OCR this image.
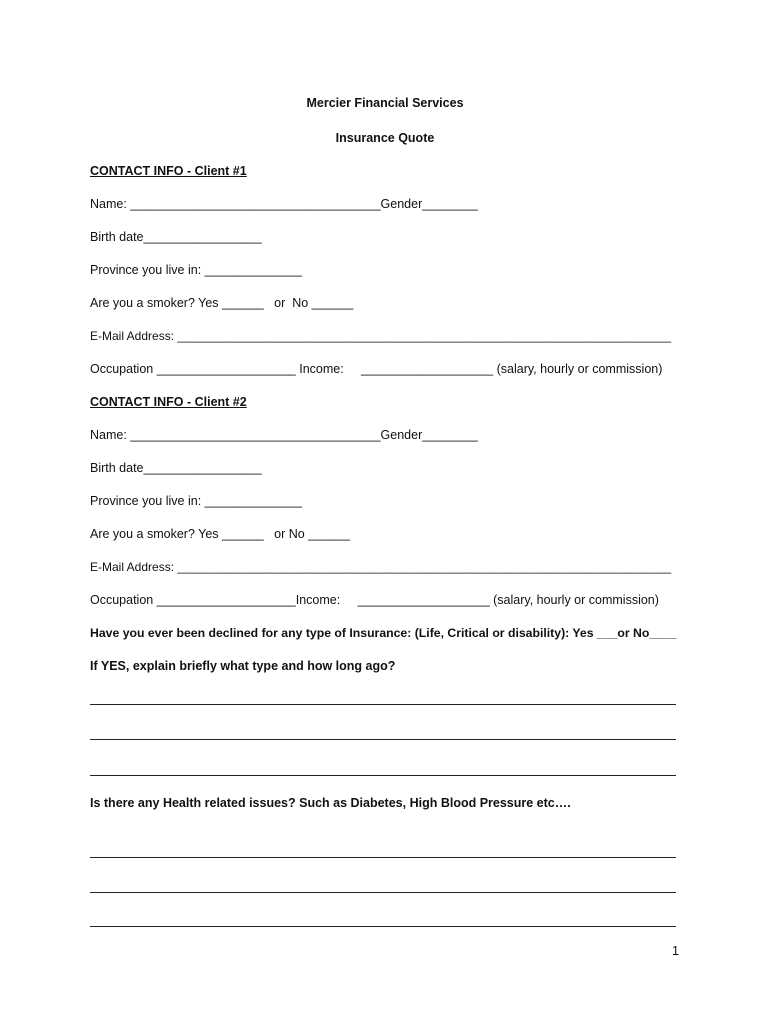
Mercier Financial Services
Insurance Quote
CONTACT INFO - Client #1
Name: ____________________________________Gender________
Birth date_________________
Province you live in: ______________
Are you a smoker? Yes ______   or  No ______
E-Mail Address: __________________________________________________________________________
Occupation ____________________ Income:     ___________________ (salary, hourly or commission)
CONTACT INFO - Client #2
Name: ____________________________________Gender________
Birth date_________________
Province you live in: ______________
Are you a smoker? Yes ______   or No ______
E-Mail Address: __________________________________________________________________________
Occupation ____________________Income:     ___________________ (salary, hourly or commission)
Have you ever been declined for any type of Insurance: (Life, Critical or disability): Yes ___or No____
If YES, explain briefly what type and how long ago?
Is there any Health related issues? Such as Diabetes, High Blood Pressure etc….
1
